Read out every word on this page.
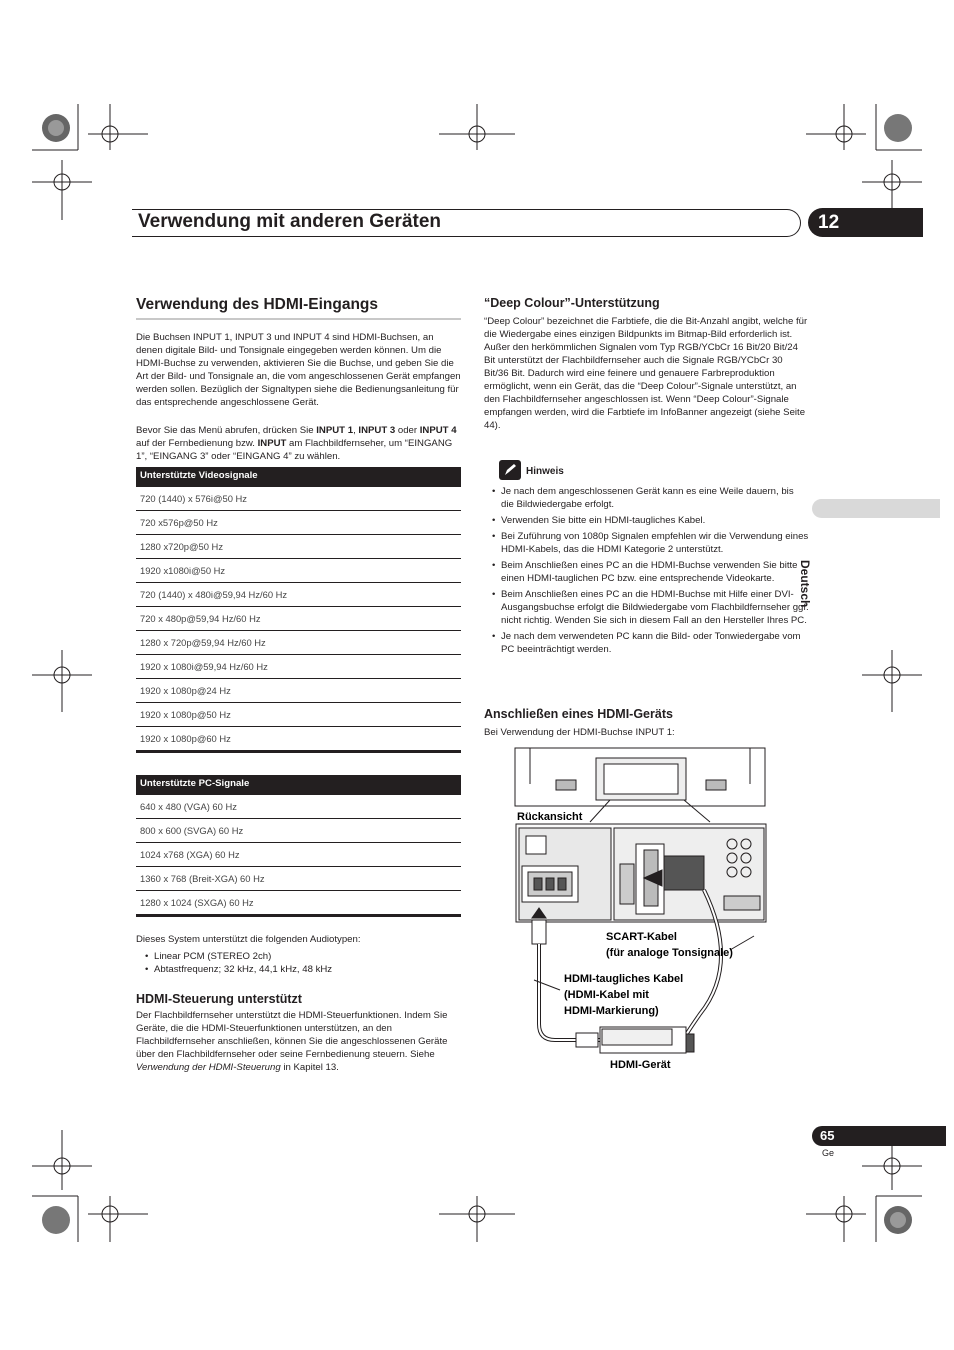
Verwendung mit anderen Geräten	12
Deutsch
Verwendung des HDMI-Eingangs
Die Buchsen INPUT 1, INPUT 3 und INPUT 4 sind HDMI-Buchsen, an denen digitale Bild- und Tonsignale eingegeben werden können. Um die HDMI-Buchse zu verwenden, aktivieren Sie die Buchse, und geben Sie die Art der Bild- und Tonsignale an, die vom angeschlossenen Gerät empfangen werden sollen. Bezüglich der Signaltypen siehe die Bedienungsanleitung für das entsprechende angeschlossene Gerät.
Bevor Sie das Menü abrufen, drücken Sie INPUT 1, INPUT 3 oder INPUT 4 auf der Fernbedienung bzw. INPUT am Flachbildfernseher, um “EINGANG 1”, “EINGANG 3” oder “EINGANG 4” zu wählen.
Unterstützte Videosignale
720 (1440) x 576i@50 Hz
720 x576p@50 Hz
1280 x720p@50 Hz
1920 x1080i@50 Hz
720 (1440) x 480i@59,94 Hz/60 Hz
720 x 480p@59,94 Hz/60 Hz
1280 x 720p@59,94 Hz/60 Hz
1920 x 1080i@59,94 Hz/60 Hz
1920 x 1080p@24 Hz
1920 x 1080p@50 Hz
1920 x 1080p@60 Hz
Unterstützte PC-Signale
640 x 480 (VGA) 60 Hz
800 x 600 (SVGA) 60 Hz
1024 x768 (XGA) 60 Hz
1360 x 768 (Breit-XGA) 60 Hz
1280 x 1024 (SXGA) 60 Hz
Dieses System unterstützt die folgenden Audiotypen:
• Linear PCM (STEREO 2ch)
• Abtastfrequenz; 32 kHz, 44,1 kHz, 48 kHz
HDMI-Steuerung unterstützt
Der Flachbildfernseher unterstützt die HDMI-Steuerfunktionen. Indem Sie Geräte, die die HDMI-Steuerfunktionen unterstützen, an den Flachbildfernseher anschließen, können Sie die angeschlossenen Geräte über den Flachbildfernseher oder seine Fernbedienung steuern. Siehe Verwendung der HDMI-Steuerung in Kapitel 13.
“Deep Colour”-Unterstützung
“Deep Colour” bezeichnet die Farbtiefe, die die Bit-Anzahl angibt, welche für die Wiedergabe eines einzigen Bildpunkts im Bitmap-Bild erforderlich ist. Außer den herkömmlichen Signalen vom Typ RGB/YCbCr 16 Bit/20 Bit/24 Bit unterstützt der Flachbildfernseher auch die Signale RGB/YCbCr 30 Bit/36 Bit. Dadurch wird eine feinere und genauere Farbreproduktion ermöglicht, wenn ein Gerät, das die “Deep Colour”-Signale unterstützt, an den Flachbildfernseher angeschlossen ist. Wenn “Deep Colour”-Signale empfangen werden, wird die Farbtiefe im InfoBanner angezeigt (siehe Seite 44).
Hinweis
• Je nach dem angeschlossenen Gerät kann es eine Weile dauern, bis die Bildwiedergabe erfolgt.
• Verwenden Sie bitte ein HDMI-taugliches Kabel.
• Bei Zuführung von 1080p Signalen empfehlen wir die Verwendung eines HDMI-Kabels, das die HDMI Kategorie 2 unterstützt.
• Beim Anschließen eines PC an die HDMI-Buchse verwenden Sie bitte einen HDMI-tauglichen PC bzw. eine entsprechende Videokarte.
• Beim Anschließen eines PC an die HDMI-Buchse mit Hilfe einer DVI-Ausgangsbuchse erfolgt die Bildwiedergabe vom Flachbildfernseher ggf. nicht richtig. Wenden Sie sich in diesem Fall an den Hersteller Ihres PC.
• Je nach dem verwendeten PC kann die Bild- oder Tonwiedergabe vom PC beeinträchtigt werden.
Anschließen eines HDMI-Geräts
Bei Verwendung der HDMI-Buchse INPUT 1:
Rückansicht
SCART-Kabel
(für analoge Tonsignale)
HDMI-taugliches Kabel
(HDMI-Kabel mit
HDMI-Markierung)
HDMI-Gerät
65
Ge
